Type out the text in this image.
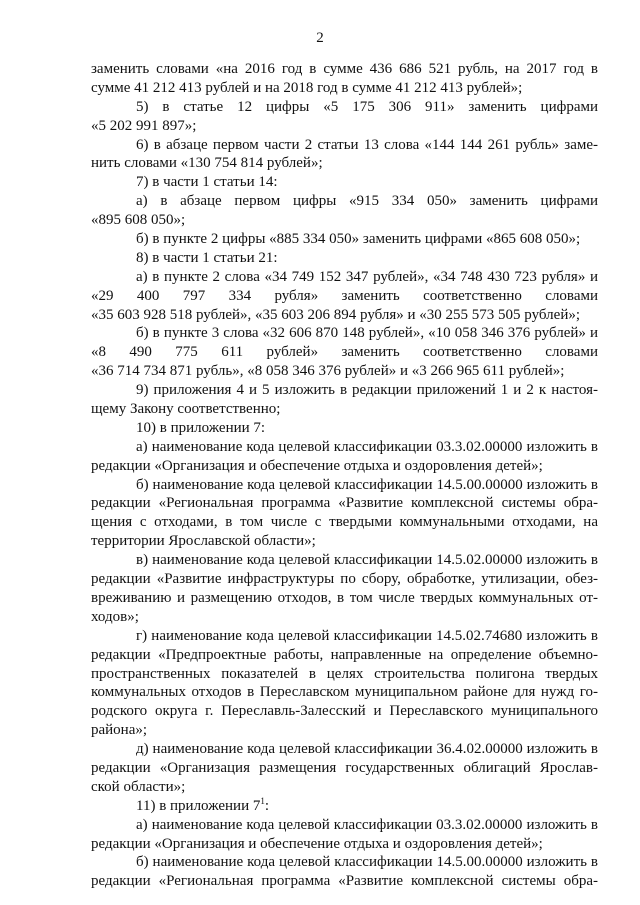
2
заменить словами «на 2016 год в сумме 436 686 521 рубль, на 2017 год в
сумме 41 212 413 рублей и на 2018 год в сумме 41 212 413 рублей»;
5) в статье 12 цифры «5 175 306 911» заменить цифрами
«5 202 991 897»;
6) в абзаце первом части 2 статьи 13 слова «144 144 261 рубль» заме-
нить словами «130 754 814 рублей»;
7) в части 1 статьи 14:
а) в абзаце первом цифры «915 334 050» заменить цифрами
«895 608 050»;
б) в пункте 2 цифры «885 334 050» заменить цифрами «865 608 050»;
8) в части 1 статьи 21:
а) в пункте 2 слова «34 749 152 347 рублей», «34 748 430 723 рубля» и
«29 400 797 334 рубля» заменить соответственно словами
«35 603 928 518 рублей», «35 603 206 894 рубля» и «30 255 573 505 рублей»;
б) в пункте 3 слова «32 606 870 148 рублей», «10 058 346 376 рублей» и
«8 490 775 611 рублей» заменить соответственно словами
«36 714 734 871 рубль», «8 058 346 376 рублей» и «3 266 965 611 рублей»;
9) приложения 4 и 5 изложить в редакции приложений 1 и 2 к настоя-
щему Закону соответственно;
10) в приложении 7:
а) наименование кода целевой классификации 03.3.02.00000 изложить в
редакции «Организация и обеспечение отдыха и оздоровления детей»;
б) наименование кода целевой классификации 14.5.00.00000 изложить в
редакции «Региональная программа «Развитие комплексной системы обра-
щения с отходами, в том числе с твердыми коммунальными отходами, на
территории Ярославской области»;
в) наименование кода целевой классификации 14.5.02.00000 изложить в
редакции «Развитие инфраструктуры по сбору, обработке, утилизации, обез-
вреживанию и размещению отходов, в том числе твердых коммунальных от-
ходов»;
г) наименование кода целевой классификации 14.5.02.74680 изложить в
редакции «Предпроектные работы, направленные на определение объемно-
пространственных показателей в целях строительства полигона твердых
коммунальных отходов в Переславском муниципальном районе для нужд го-
родского округа г. Переславль-Залесский и Переславского муниципального
района»;
д) наименование кода целевой классификации 36.4.02.00000 изложить в
редакции «Организация размещения государственных облигаций Ярослав-
ской области»;
11) в приложении $7^1$:
а) наименование кода целевой классификации 03.3.02.00000 изложить в
редакции «Организация и обеспечение отдыха и оздоровления детей»;
б) наименование кода целевой классификации 14.5.00.00000 изложить в
редакции «Региональная программа «Развитие комплексной системы обра-
